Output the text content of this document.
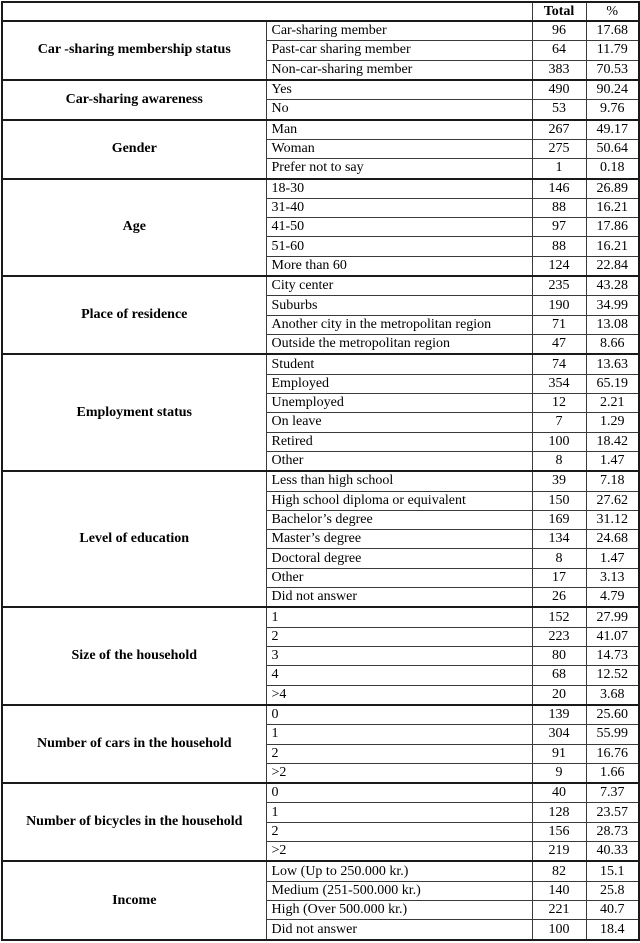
		Total	%
Car -sharing membership status	Car-sharing member	96	17.68
	Past-car sharing member	64	11.79
	Non-car-sharing member	383	70.53
Car-sharing awareness	Yes	490	90.24
	No	53	9.76
Gender	Man	267	49.17
	Woman	275	50.64
	Prefer not to say	1	0.18
Age	18-30	146	26.89
	31-40	88	16.21
	41-50	97	17.86
	51-60	88	16.21
	More than 60	124	22.84
Place of residence	City center	235	43.28
	Suburbs	190	34.99
	Another city in the metropolitan region	71	13.08
	Outside the metropolitan region	47	8.66
Employment status	Student	74	13.63
	Employed	354	65.19
	Unemployed	12	2.21
	On leave	7	1.29
	Retired	100	18.42
	Other	8	1.47
Level of education	Less than high school	39	7.18
	High school diploma or equivalent	150	27.62
	Bachelor’s degree	169	31.12
	Master’s degree	134	24.68
	Doctoral degree	8	1.47
	Other	17	3.13
	Did not answer	26	4.79
Size of the household	1	152	27.99
	2	223	41.07
	3	80	14.73
	4	68	12.52
	>4	20	3.68
Number of cars in the household	0	139	25.60
	1	304	55.99
	2	91	16.76
	>2	9	1.66
Number of bicycles in the household	0	40	7.37
	1	128	23.57
	2	156	28.73
	>2	219	40.33
Income	Low (Up to 250.000 kr.)	82	15.1
	Medium (251-500.000 kr.)	140	25.8
	High (Over 500.000 kr.)	221	40.7
	Did not answer	100	18.4
